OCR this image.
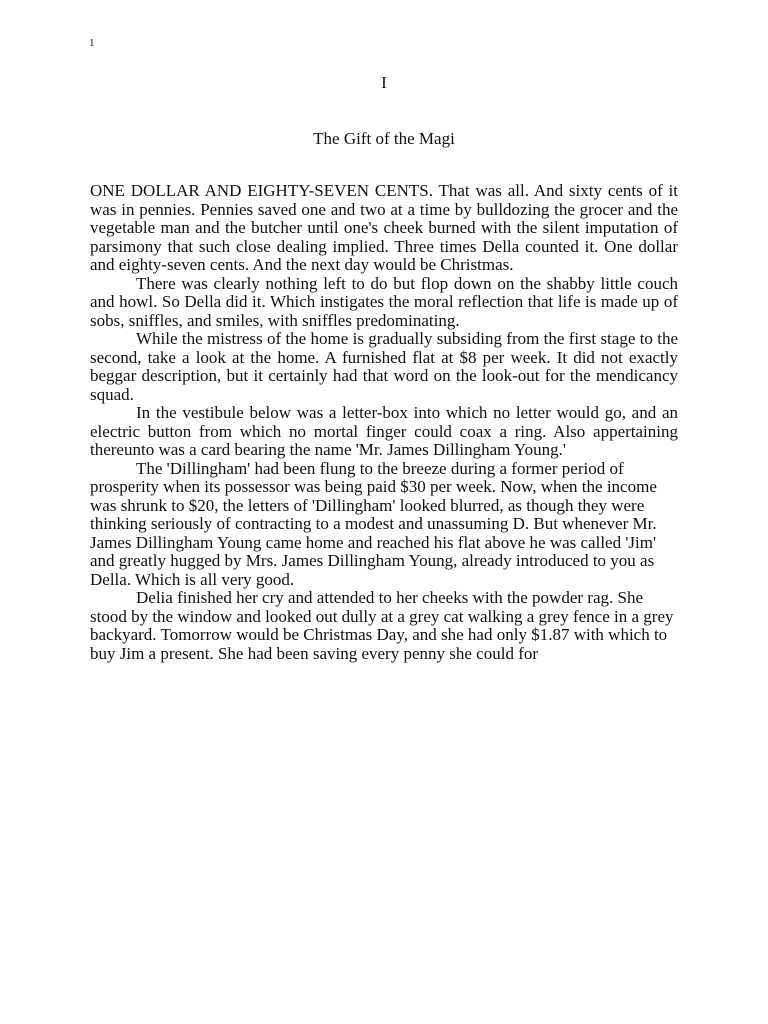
1
I
The Gift of the Magi

ONE DOLLAR AND EIGHTY-SEVEN CENTS. That was all. And sixty cents of it was in pennies. Pennies saved one and two at a time by bulldozing the grocer and the vegetable man and the butcher until one's cheek burned with the silent imputation of parsimony that such close dealing implied. Three times Della counted it. One dollar and eighty-seven cents. And the next day would be Christmas.

There was clearly nothing left to do but flop down on the shabby little couch and howl. So Della did it. Which instigates the moral reflection that life is made up of sobs, sniffles, and smiles, with sniffles predominating.

While the mistress of the home is gradually subsiding from the first stage to the second, take a look at the home. A furnished flat at $8 per week. It did not exactly beggar description, but it certainly had that word on the look-out for the mendicancy squad.

In the vestibule below was a letter-box into which no letter would go, and an electric button from which no mortal finger could coax a ring. Also appertaining thereunto was a card bearing the name 'Mr. James Dillingham Young.'

The 'Dillingham' had been flung to the breeze during a former period of prosperity when its possessor was being paid $30 per week. Now, when the income was shrunk to $20, the letters of 'Dillingham' looked blurred, as though they were thinking seriously of contracting to a modest and unassuming D. But whenever Mr. James Dillingham Young came home and reached his flat above he was called 'Jim' and greatly hugged by Mrs. James Dillingham Young, already introduced to you as Della. Which is all very good.

Delia finished her cry and attended to her cheeks with the powder rag. She stood by the window and looked out dully at a grey cat walking a grey fence in a grey backyard. Tomorrow would be Christmas Day, and she had only $1.87 with which to buy Jim a present. She had been saving every penny she could for
